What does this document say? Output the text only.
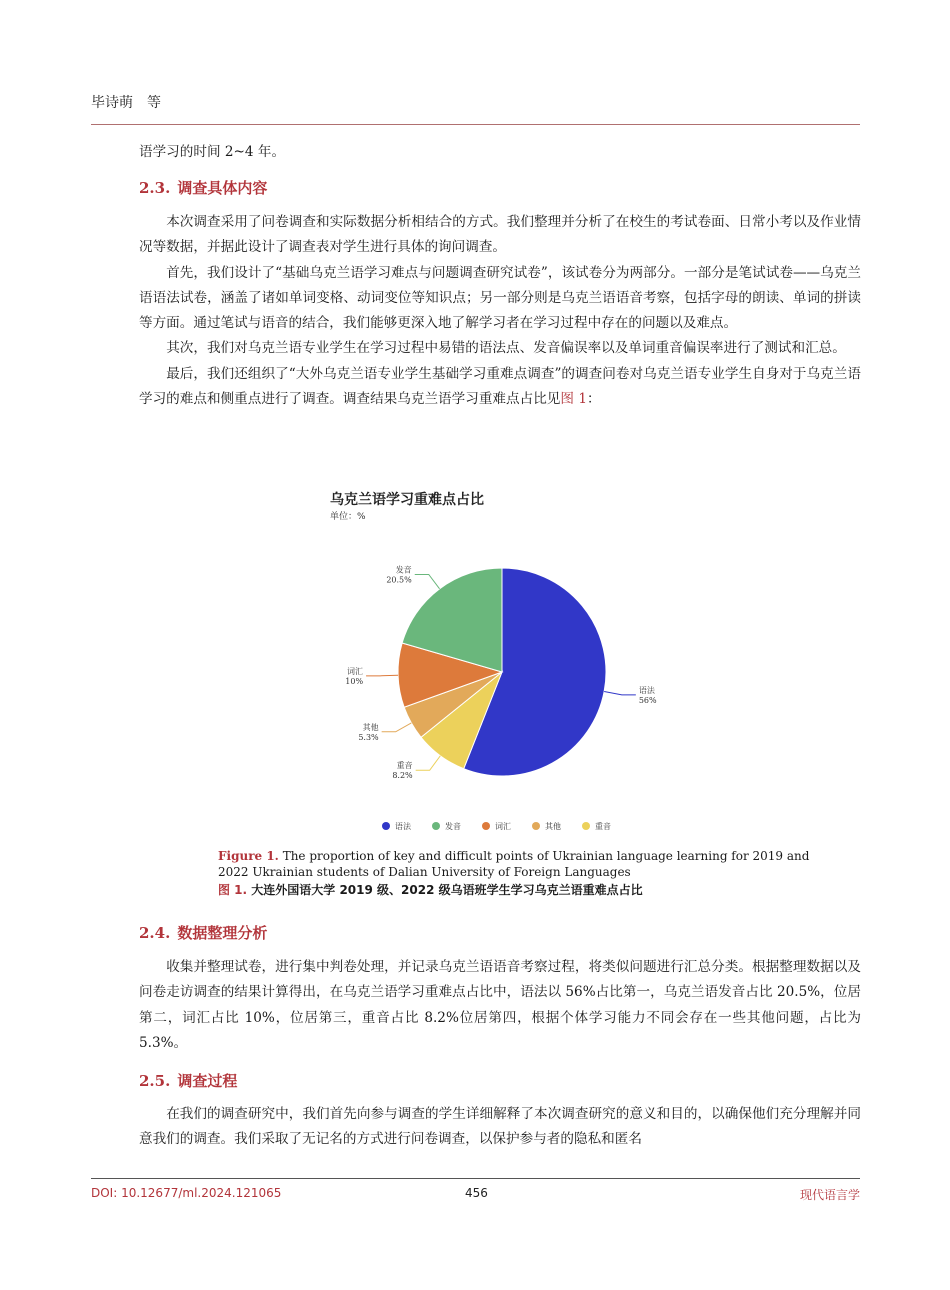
毕诗萌　等

语学习的时间 2~4 年。

2.3. 调查具体内容

本次调查采用了问卷调查和实际数据分析相结合的方式。我们整理并分析了在校生的考试卷面、日常小考以及作业情况等数据，并据此设计了调查表对学生进行具体的询问调查。

首先，我们设计了“基础乌克兰语学习难点与问题调查研究试卷”，该试卷分为两部分。一部分是笔试试卷——乌克兰语语法试卷，涵盖了诸如单词变格、动词变位等知识点；另一部分则是乌克兰语语音考察，包括字母的朗读、单词的拼读等方面。通过笔试与语音的结合，我们能够更深入地了解学习者在学习过程中存在的问题以及难点。

其次，我们对乌克兰语专业学生在学习过程中易错的语法点、发音偏误率以及单词重音偏误率进行了测试和汇总。

最后，我们还组织了“大外乌克兰语专业学生基础学习重难点调查”的调查问卷对乌克兰语专业学生自身对于乌克兰语学习的难点和侧重点进行了调查。调查结果乌克兰语学习重难点占比见图 1：

乌克兰语学习重难点占比
单位：%
语法
56%
重音
8.2%
其他
5.3%
词汇
10%
发音
20.5%
语法	发音	词汇	其他	重音
Figure 1. The proportion of key and difficult points of Ukrainian language learning for 2019 and
2022 Ukrainian students of Dalian University of Foreign Languages
图 1. 大连外国语大学 2019 级、2022 级乌语班学生学习乌克兰语重难点占比
2.4. 数据整理分析

收集并整理试卷，进行集中判卷处理，并记录乌克兰语语音考察过程，将类似问题进行汇总分类。根据整理数据以及问卷走访调查的结果计算得出，在乌克兰语学习重难点占比中，语法以 56%占比第一，乌克兰语发音占比 20.5%，位居第二，词汇占比 10%，位居第三，重音占比 8.2%位居第四，根据个体学习能力不同会存在一些其他问题，占比为 5.3%。

2.5. 调查过程

在我们的调查研究中，我们首先向参与调查的学生详细解释了本次调查研究的意义和目的，以确保他们充分理解并同意我们的调查。我们采取了无记名的方式进行问卷调查，以保护参与者的隐私和匿名

DOI: 10.12677/ml.2024.121065	456	现代语言学
